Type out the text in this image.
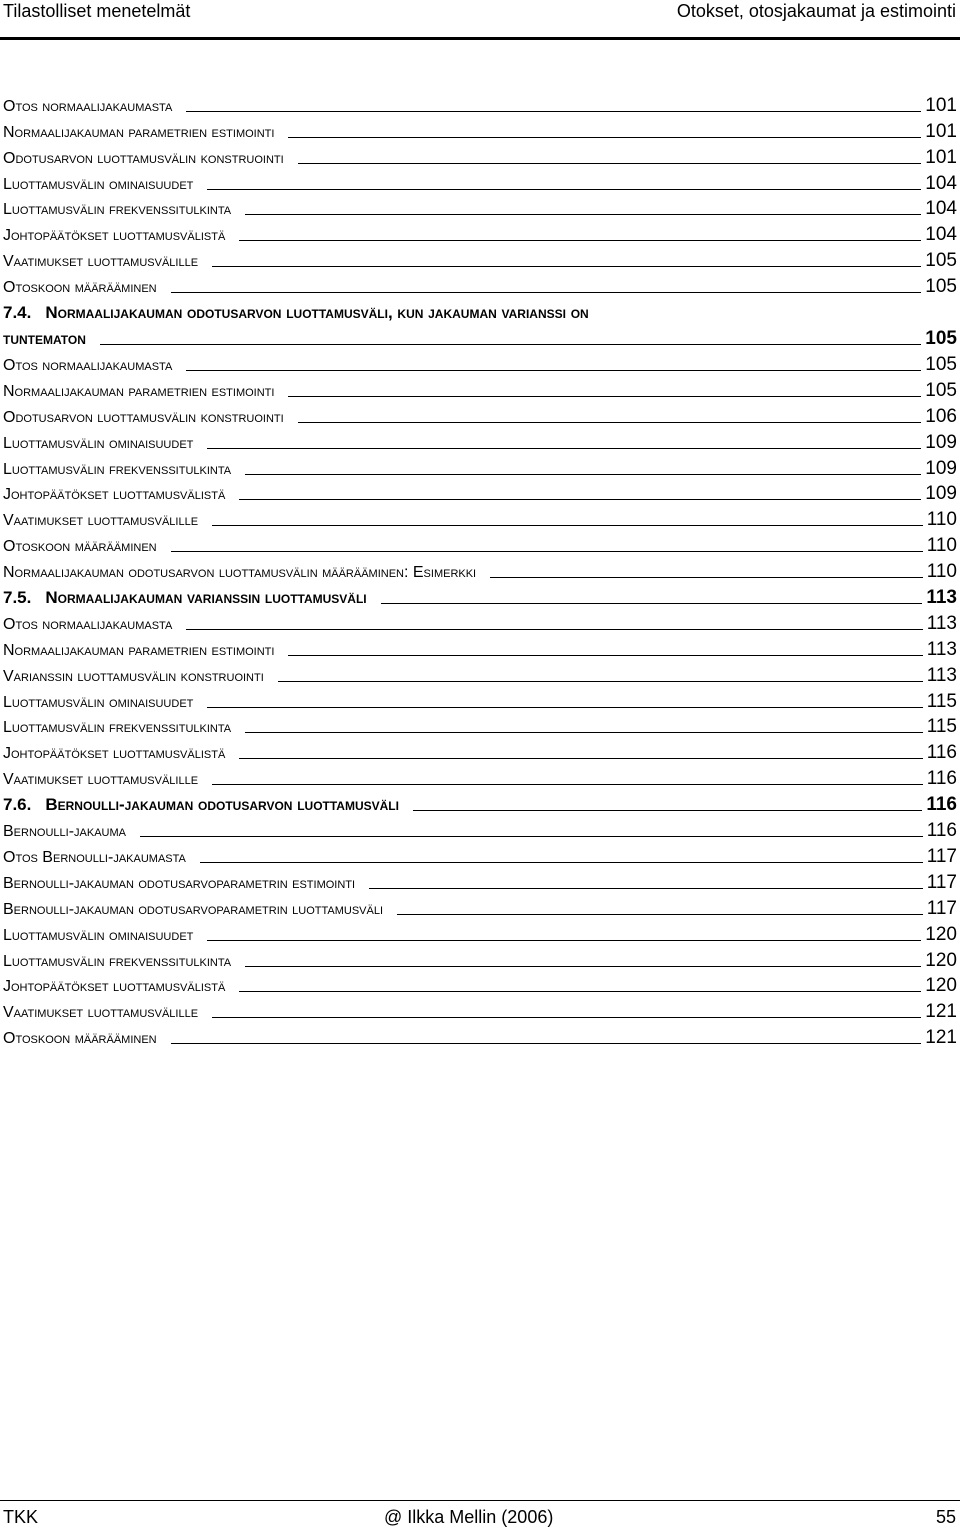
Tilastolliset menetelmät	Otokset, otosjakaumat ja estimointi
Otos normaalijakaumasta	101
Normaalijakauman parametrien estimointi	101
Odotusarvon luottamusvälin konstruointi	101
Luottamusvälin ominaisuudet	104
Luottamusvälin frekvenssitulkinta	104
Johtopäätökset luottamusvälistä	104
Vaatimukset luottamusvälille	105
Otoskoon määrääminen	105
7.4. Normaalijakauman odotusarvon luottamusväli, kun jakauman varianssi on
tuntematon	105
Otos normaalijakaumasta	105
Normaalijakauman parametrien estimointi	105
Odotusarvon luottamusvälin konstruointi	106
Luottamusvälin ominaisuudet	109
Luottamusvälin frekvenssitulkinta	109
Johtopäätökset luottamusvälistä	109
Vaatimukset luottamusvälille	110
Otoskoon määrääminen	110
Normaalijakauman odotusarvon luottamusvälin määrääminen: Esimerkki	110
7.5. Normaalijakauman varianssin luottamusväli	113
Otos normaalijakaumasta	113
Normaalijakauman parametrien estimointi	113
Varianssin luottamusvälin konstruointi	113
Luottamusvälin ominaisuudet	115
Luottamusvälin frekvenssitulkinta	115
Johtopäätökset luottamusvälistä	116
Vaatimukset luottamusvälille	116
7.6. Bernoulli-jakauman odotusarvon luottamusväli	116
Bernoulli-jakauma	116
Otos Bernoulli-jakaumasta	117
Bernoulli-jakauman odotusarvoparametrin estimointi	117
Bernoulli-jakauman odotusarvoparametrin luottamusväli	117
Luottamusvälin ominaisuudet	120
Luottamusvälin frekvenssitulkinta	120
Johtopäätökset luottamusvälistä	120
Vaatimukset luottamusvälille	121
Otoskoon määrääminen	121
TKK	@ Ilkka Mellin (2006)	55
